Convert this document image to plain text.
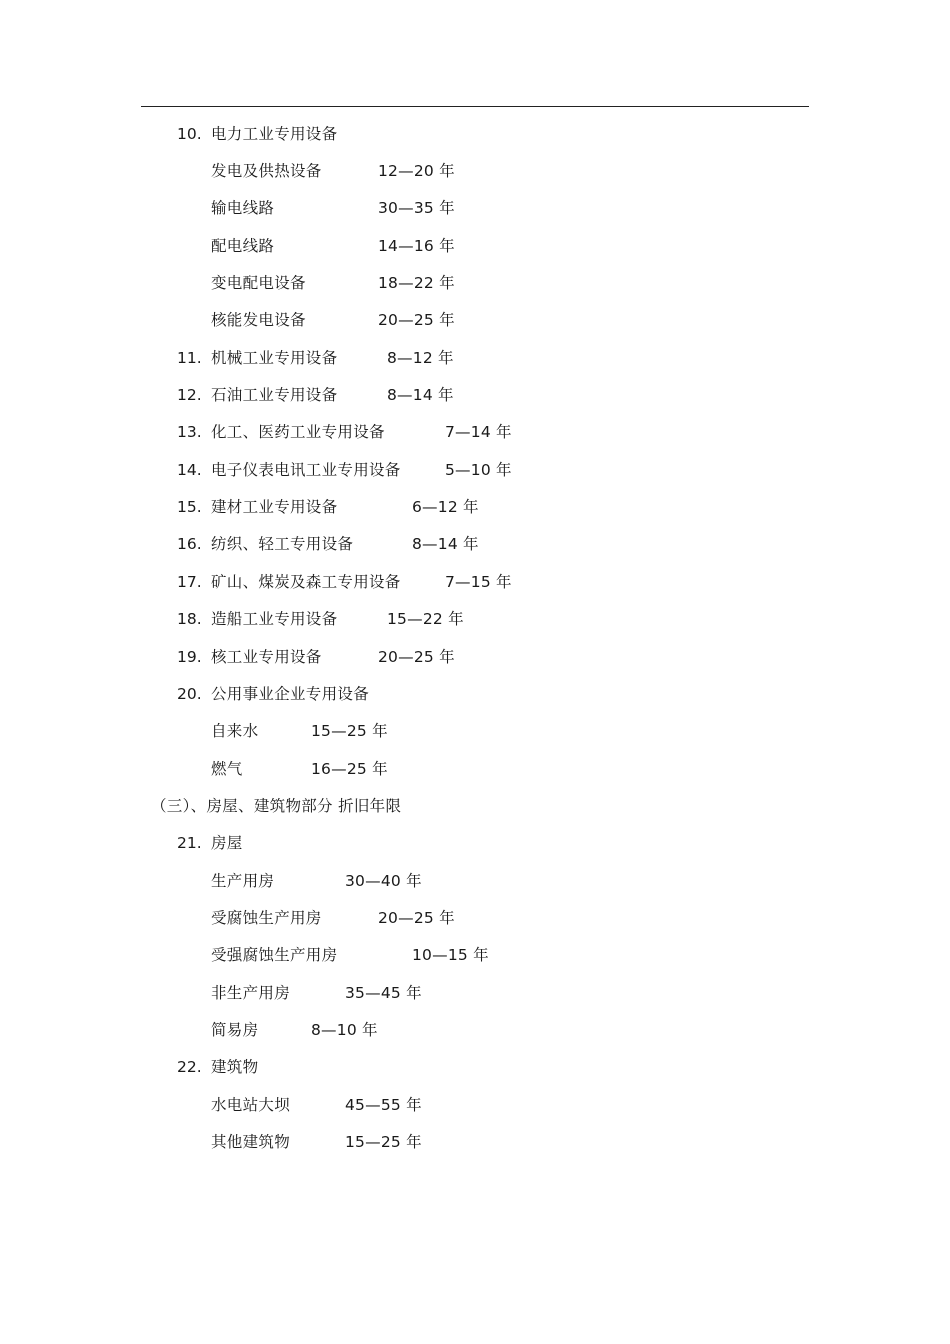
10. 电力工业专用设备
发电及供热设备	12—20 年
输电线路	30—35 年
配电线路	14—16 年
变电配电设备	18—22 年
核能发电设备	20—25 年
11. 机械工业专用设备	8—12 年
12. 石油工业专用设备	8—14 年
13. 化工、医药工业专用设备	7—14 年
14. 电子仪表电讯工业专用设备	5—10 年
15. 建材工业专用设备	6—12 年
16. 纺织、轻工专用设备	8—14 年
17. 矿山、煤炭及森工专用设备	7—15 年
18. 造船工业专用设备	15—22 年
19. 核工业专用设备	20—25 年
20. 公用事业企业专用设备
自来水	15—25 年
燃气	16—25 年
（三）、房屋、建筑物部分 折旧年限
21. 房屋
生产用房	30—40 年
受腐蚀生产用房	20—25 年
受强腐蚀生产用房	10—15 年
非生产用房	35—45 年
简易房	8—10 年
22. 建筑物
水电站大坝	45—55 年
其他建筑物	15—25 年
